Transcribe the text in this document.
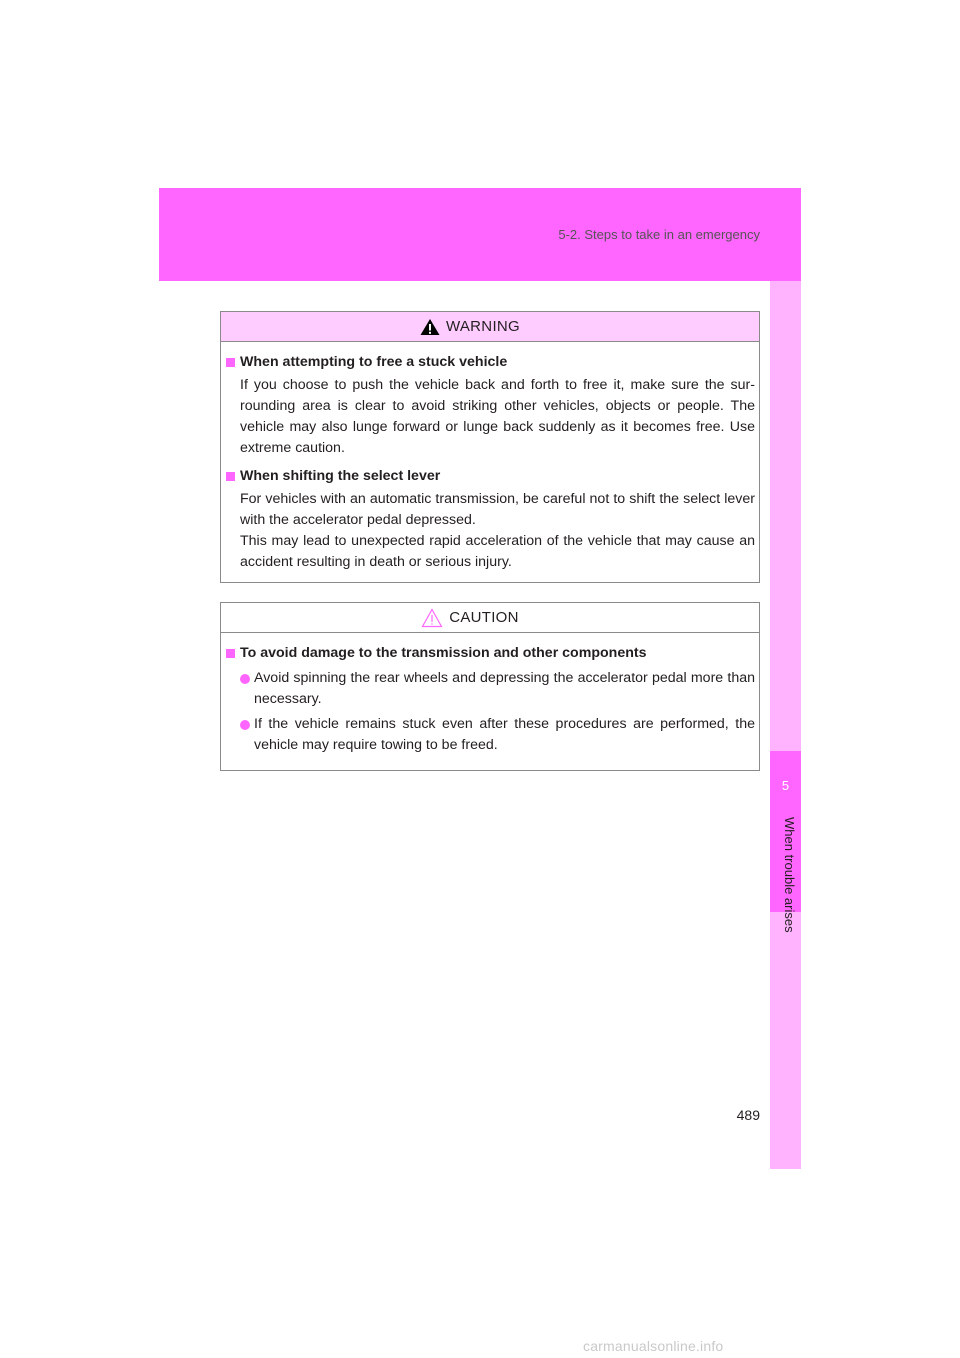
5-2. Steps to take in an emergency
5
When trouble arises
WARNING
When attempting to free a stuck vehicle
If you choose to push the vehicle back and forth to free it, make sure the sur-rounding area is clear to avoid striking other vehicles, objects or people. The vehicle may also lunge forward or lunge back suddenly as it becomes free. Use extreme caution.
When shifting the select lever
For vehicles with an automatic transmission, be careful not to shift the select lever with the accelerator pedal depressed.
This may lead to unexpected rapid acceleration of the vehicle that may cause an accident resulting in death or serious injury.
CAUTION
To avoid damage to the transmission and other components
Avoid spinning the rear wheels and depressing the accelerator pedal more than necessary.
If the vehicle remains stuck even after these procedures are performed, the vehicle may require towing to be freed.
489
carmanualsonline.info
